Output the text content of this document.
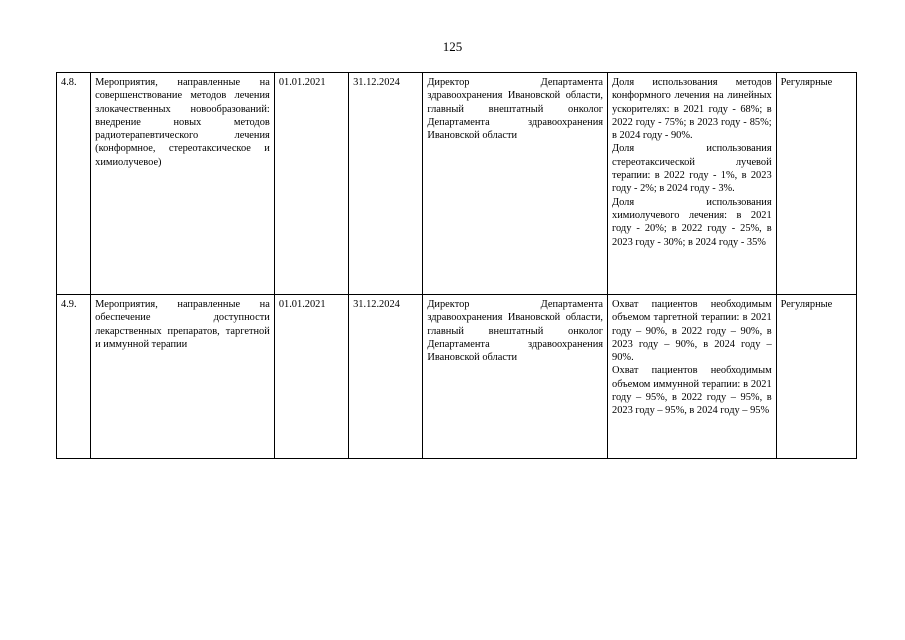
125
4.8.	Мероприятия, направленные на совершенствование методов лечения злокачественных новообразований: внедрение новых методов радиотерапевтического лечения (конформное, стереотаксическое и химиолучевое)	01.01.2021	31.12.2024	Директор Департамента здравоохранения Ивановской области, главный внештатный онколог Департамента здравоохранения Ивановской области	Доля использования методов конформного лечения на линейных ускорителях: в 2021 году - 68%; в 2022 году - 75%; в 2023 году - 85%; в 2024 году - 90%.
Доля использования стереотаксической лучевой терапии: в 2022 году - 1%, в 2023 году - 2%; в 2024 году - 3%.
Доля использования химиолучевого лечения: в 2021 году - 20%; в 2022 году - 25%, в 2023 году - 30%; в 2024 году - 35%	Регулярные
4.9.	Мероприятия, направленные на обеспечение доступности лекарственных препаратов, таргетной и иммунной терапии	01.01.2021	31.12.2024	Директор Департамента здравоохранения Ивановской области, главный внештатный онколог Департамента здравоохранения Ивановской области	Охват пациентов необходимым объемом таргетной терапии: в 2021 году – 90%, в 2022 году – 90%, в 2023 году – 90%, в 2024 году – 90%.
Охват пациентов необходимым объемом иммунной терапии: в 2021 году – 95%, в 2022 году – 95%, в 2023 году – 95%, в 2024 году – 95%	Регулярные
